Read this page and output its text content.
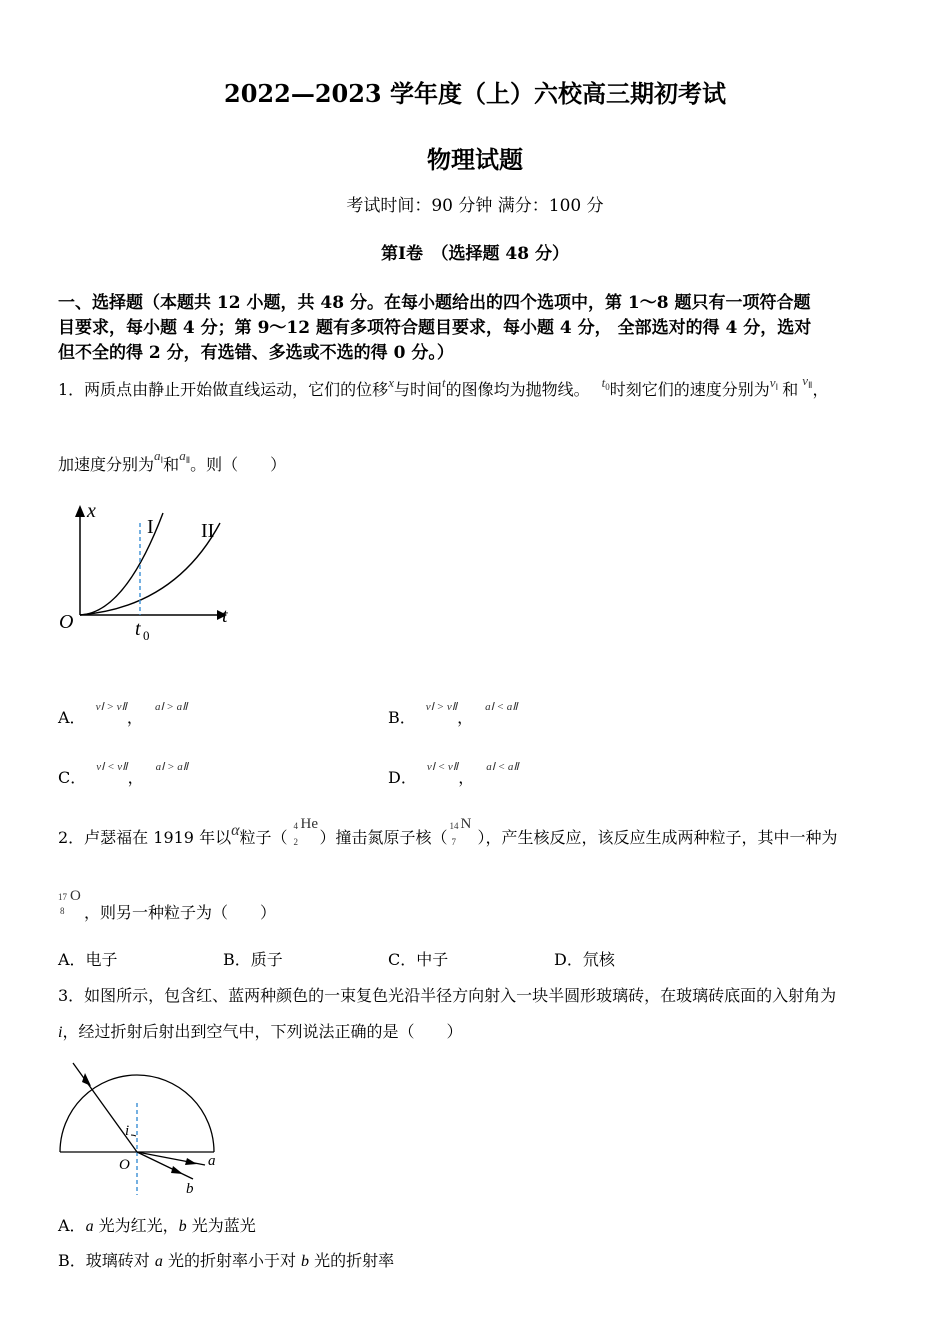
2022—2023 学年度（上）六校高三期初考试
物理试题
考试时间：90 分钟 满分：100 分
第Ⅰ卷　（选择题 48 分）
一、选择题（本题共 12 小题，共 48 分。在每小题给出的四个选项中，第 1～8 题只有一项符合题
目要求，每小题 4 分；第 9～12 题有多项符合题目要求，每小题 4 分， 全部选对的得 4 分，选对
但不全的得 2 分，有选错、多选或不选的得 0 分。）
1．两质点由静止开始做直线运动，它们的位移$^x$与时间$^t$的图像均为抛物线。 $^{t0}$时刻它们的速度分别为$^{vⅠ}$ 和 $^{vⅡ}$，
加速度分别为$^{aⅠ}$和$^{aⅡ}$。则（　　）
x
t
O
I II
t 0
A．$^{vⅠ > vⅡ}$，$^{aⅠ > aⅡ}$
B．$^{vⅠ > vⅡ}$，$^{aⅠ < aⅡ}$
C．$^{vⅠ < vⅡ}$，$^{aⅠ > aⅡ}$
D．$^{vⅠ < vⅡ}$，$^{aⅠ < aⅡ}$
2．卢瑟福在 1919 年以α粒子（
4
2
He
）撞击氮原子核（
14
7
N
），产生核反应，该反应生成两种粒子，其中一种为
17
8
O
，则另一种粒子为（　　）
A．电子	B．质子	C．中子	D．氘核
3．如图所示，包含红、蓝两种颜色的一束复色光沿半径方向射入一块半圆形玻璃砖，在玻璃砖底面的入射角为
i，经过折射后射出到空气中，下列说法正确的是（　　）
i
O	a
b
A．a 光为红光，b 光为蓝光
B．玻璃砖对 a 光的折射率小于对 b 光的折射率
